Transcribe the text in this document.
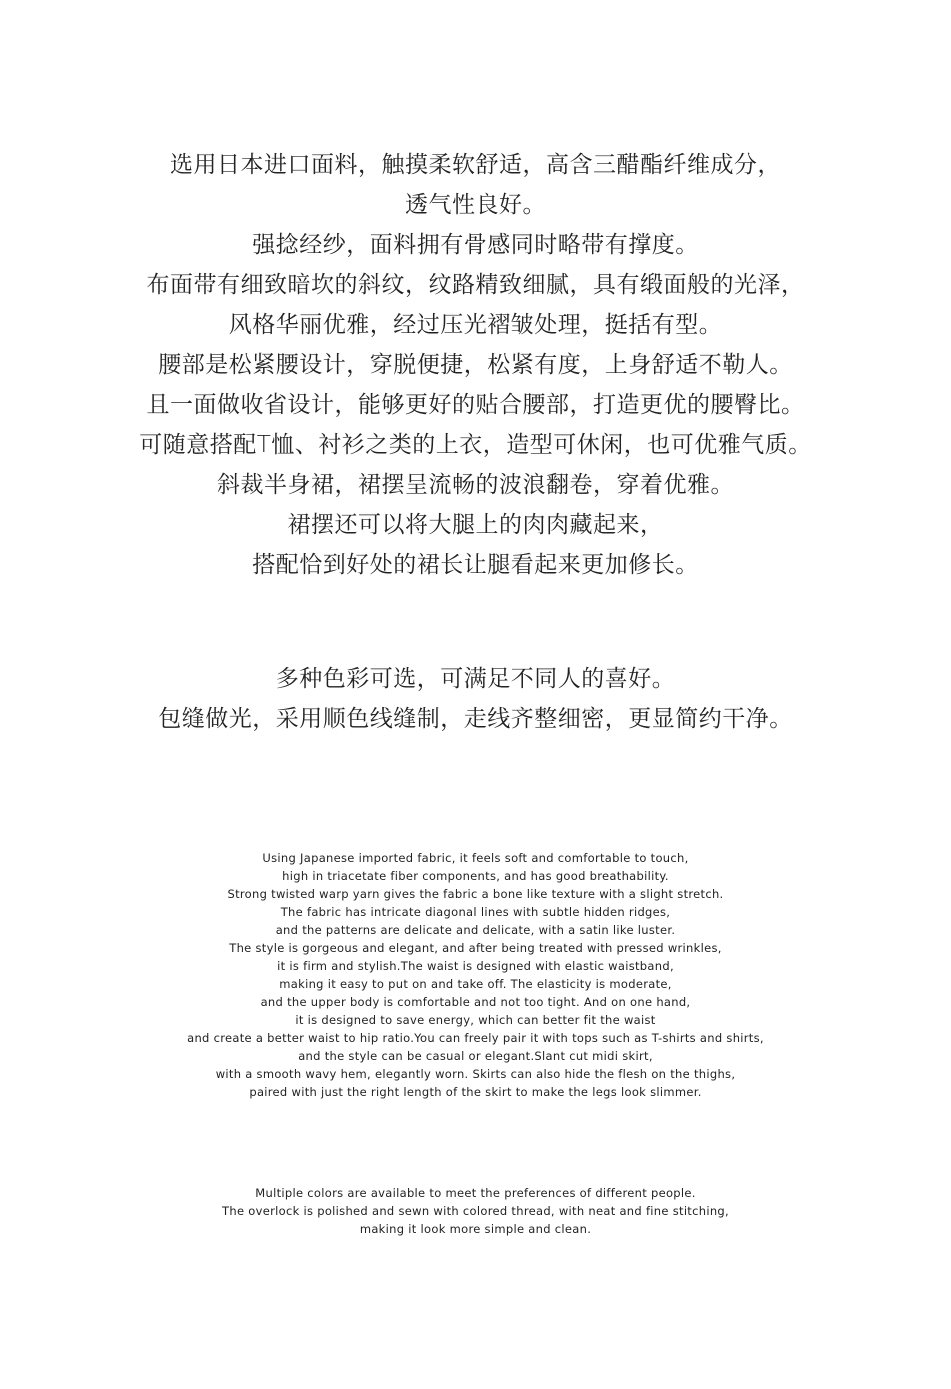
选用日本进口面料，触摸柔软舒适，高含三醋酯纤维成分，
透气性良好。
强捻经纱，面料拥有骨感同时略带有撑度。
布面带有细致暗坎的斜纹，纹路精致细腻，具有缎面般的光泽，
风格华丽优雅，经过压光褶皱处理，挺括有型。
腰部是松紧腰设计，穿脱便捷，松紧有度，上身舒适不勒人。
且一面做收省设计，能够更好的贴合腰部，打造更优的腰臀比。
可随意搭配T恤、衬衫之类的上衣，造型可休闲，也可优雅气质。
斜裁半身裙，裙摆呈流畅的波浪翻卷，穿着优雅。
裙摆还可以将大腿上的肉肉藏起来，
搭配恰到好处的裙长让腿看起来更加修长。
多种色彩可选，可满足不同人的喜好。
包缝做光，采用顺色线缝制，走线齐整细密，更显简约干净。
Using Japanese imported fabric, it feels soft and comfortable to touch,
high in triacetate fiber components, and has good breathability.
Strong twisted warp yarn gives the fabric a bone like texture with a slight stretch.
The fabric has intricate diagonal lines with subtle hidden ridges,
and the patterns are delicate and delicate, with a satin like luster.
The style is gorgeous and elegant, and after being treated with pressed wrinkles,
it is firm and stylish.The waist is designed with elastic waistband,
making it easy to put on and take off. The elasticity is moderate,
and the upper body is comfortable and not too tight. And on one hand,
it is designed to save energy, which can better fit the waist
and create a better waist to hip ratio.You can freely pair it with tops such as T-shirts and shirts,
and the style can be casual or elegant.Slant cut midi skirt,
with a smooth wavy hem, elegantly worn. Skirts can also hide the flesh on the thighs,
paired with just the right length of the skirt to make the legs look slimmer.
Multiple colors are available to meet the preferences of different people.
The overlock is polished and sewn with colored thread, with neat and fine stitching,
making it look more simple and clean.
